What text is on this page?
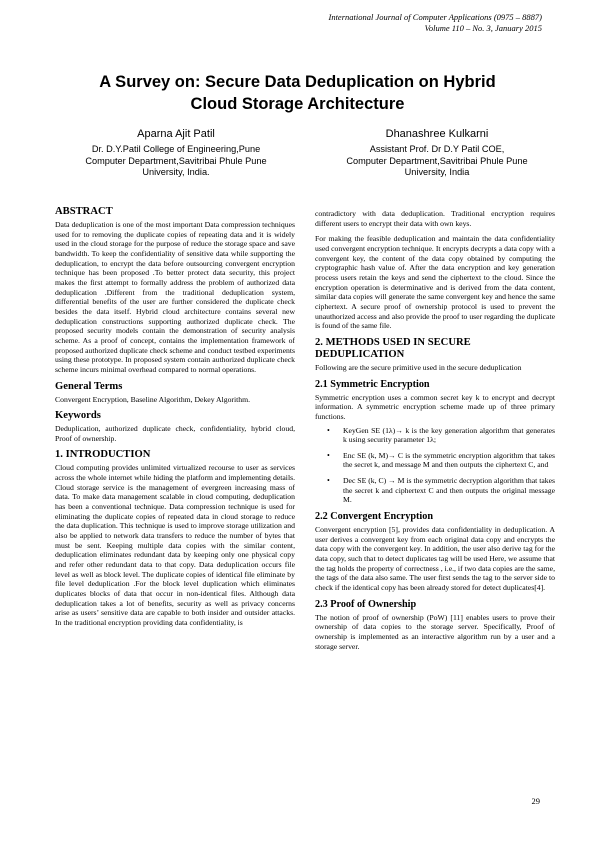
International Journal of Computer Applications (0975 – 8887)
Volume 110 – No. 3, January 2015
A Survey on: Secure Data Deduplication on Hybrid
Cloud Storage Architecture
Aparna Ajit Patil
Dr. D.Y.Patil College of Engineering,Pune
Computer Department,Savitribai Phule Pune
University, India.
Dhanashree Kulkarni
Assistant Prof. Dr D.Y Patil COE,
Computer Department,Savitribai Phule Pune
University, India
ABSTRACT

Data deduplication is one of the most important Data compression techniques used for to removing the duplicate copies of repeating data and it is widely used in the cloud storage for the purpose of reduce the storage space and save bandwidth. To keep the confidentiality of sensitive data while supporting the deduplication, to encrypt the data before outsourcing convergent encryption technique has been proposed .To better protect data security, this project makes the first attempt to formally address the problem of authorized data deduplication .Different from the traditional deduplication system, differential benefits of the user are further considered the duplicate check besides the data itself. Hybrid cloud architecture contains several new deduplication constructions supporting authorized duplicate check. The proposed security models contain the demonstration of security analysis scheme. As a proof of concept, contains the implementation framework of proposed authorized duplicate check scheme and conduct testbed experiments using these prototype. In proposed system contain authorized duplicate check scheme incurs minimal overhead compared to normal operations.

General Terms

Convergent Encryption, Baseline Algorithm, Dekey Algorithm.

Keywords

Deduplication, authorized duplicate check, confidentiality, hybrid cloud, Proof of ownership.

1. INTRODUCTION

Cloud computing provides unlimited virtualized recourse to user as services across the whole internet while hiding the platform and implementing details. Cloud storage service is the management of evergreen increasing mass of data. To make data management scalable in cloud computing, deduplication has been a conventional technique. Data compression technique is used for eliminating the duplicate copies of repeated data in cloud storage to reduce the data duplication. This technique is used to improve storage utilization and also be applied to network data transfers to reduce the number of bytes that must be sent. Keeping multiple data copies with the similar content, deduplication eliminates redundant data by keeping only one physical copy and refer other redundant data to that copy. Data deduplication occurs file level as well as block level. The duplicate copies of identical file eliminate by file level deduplication .For the block level duplication which eliminates duplicates blocks of data that occur in non-identical files. Although data deduplication takes a lot of benefits, security as well as privacy concerns arise as users’ sensitive data are capable to both insider and outsider attacks. In the traditional encryption providing data confidentiality, is

contradictory with data deduplication. Traditional encryption requires different users to encrypt their data with own keys.

For making the feasible deduplication and maintain the data confidentiality used convergent encryption technique. It encrypts decrypts a data copy with a convergent key, the content of the data copy obtained by computing the cryptographic hash value of. After the data encryption and key generation process users retain the keys and send the ciphertext to the cloud. Since the encryption operation is determinative and is derived from the data content, similar data copies will generate the same convergent key and hence the same ciphertext. A secure proof of ownership protocol is used to prevent the unauthorized access and also provide the proof to user regarding the duplicate is found of the same file.

2. METHODS USED IN SECURE DEDUPLICATION

Following are the secure primitive used in the secure deduplication

2.1 Symmetric Encryption

Symmetric encryption uses a common secret key k to encrypt and decrypt information. A symmetric encryption scheme made up of three primary functions.

• KeyGen SE (1λ)→ k is the key generation algorithm that generates k using security parameter 1λ;
• Enc SE (k, M)→ C is the symmetric encryption algorithm that takes the secret k, and message M and then outputs the ciphertext C, and
• Dec SE (k, C) → M is the symmetric decryption algorithm that takes the secret k and ciphertext C and then outputs the original message M.
2.2 Convergent Encryption

Convergent encryption [5], provides data confidentiality in deduplication. A user derives a convergent key from each original data copy and encrypts the data copy with the convergent key. In addition, the user also derive tag for the data copy, such that to detect duplicates tag will be used Here, we assume that the tag holds the property of correctness , i.e., if two data copies are the same, the tags of the data also same. The user first sends the tag to the server side to check if the identical copy has been already stored for detect duplicates[4].

2.3 Proof of Ownership

The notion of proof of ownership (PoW) [11] enables users to prove their ownership of data copies to the storage server. Specifically, Proof of ownership is implemented as an interactive algorithm run by a user and a storage server.

29
